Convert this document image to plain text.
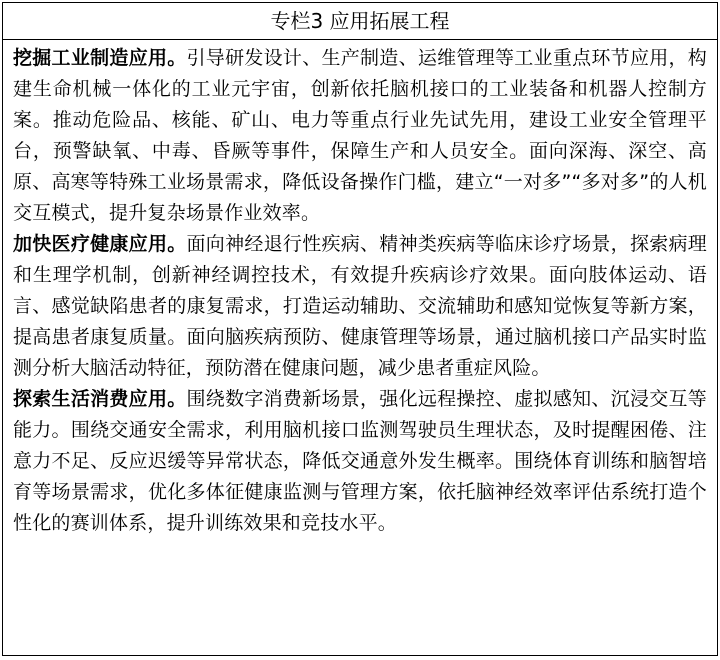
专栏3 应用拓展工程

挖掘工业制造应用。引导研发设计、生产制造、运维管理等工业重点环节应用，构建生命机械一体化的工业元宇宙，创新依托脑机接口的工业装备和机器人控制方案。推动危险品、核能、矿山、电力等重点行业先试先用，建设工业安全管理平台，预警缺氧、中毒、昏厥等事件，保障生产和人员安全。面向深海、深空、高原、高寒等特殊工业场景需求，降低设备操作门槛，建立“一对多”“多对多”的人机交互模式，提升复杂场景作业效率。

加快医疗健康应用。面向神经退行性疾病、精神类疾病等临床诊疗场景，探索病理和生理学机制，创新神经调控技术，有效提升疾病诊疗效果。面向肢体运动、语言、感觉缺陷患者的康复需求，打造运动辅助、交流辅助和感知觉恢复等新方案，提高患者康复质量。面向脑疾病预防、健康管理等场景，通过脑机接口产品实时监测分析大脑活动特征，预防潜在健康问题，减少患者重症风险。

探索生活消费应用。围绕数字消费新场景，强化远程操控、虚拟感知、沉浸交互等能力。围绕交通安全需求，利用脑机接口监测驾驶员生理状态，及时提醒困倦、注意力不足、反应迟缓等异常状态，降低交通意外发生概率。围绕体育训练和脑智培育等场景需求，优化多体征健康监测与管理方案，依托脑神经效率评估系统打造个性化的赛训体系，提升训练效果和竞技水平。
